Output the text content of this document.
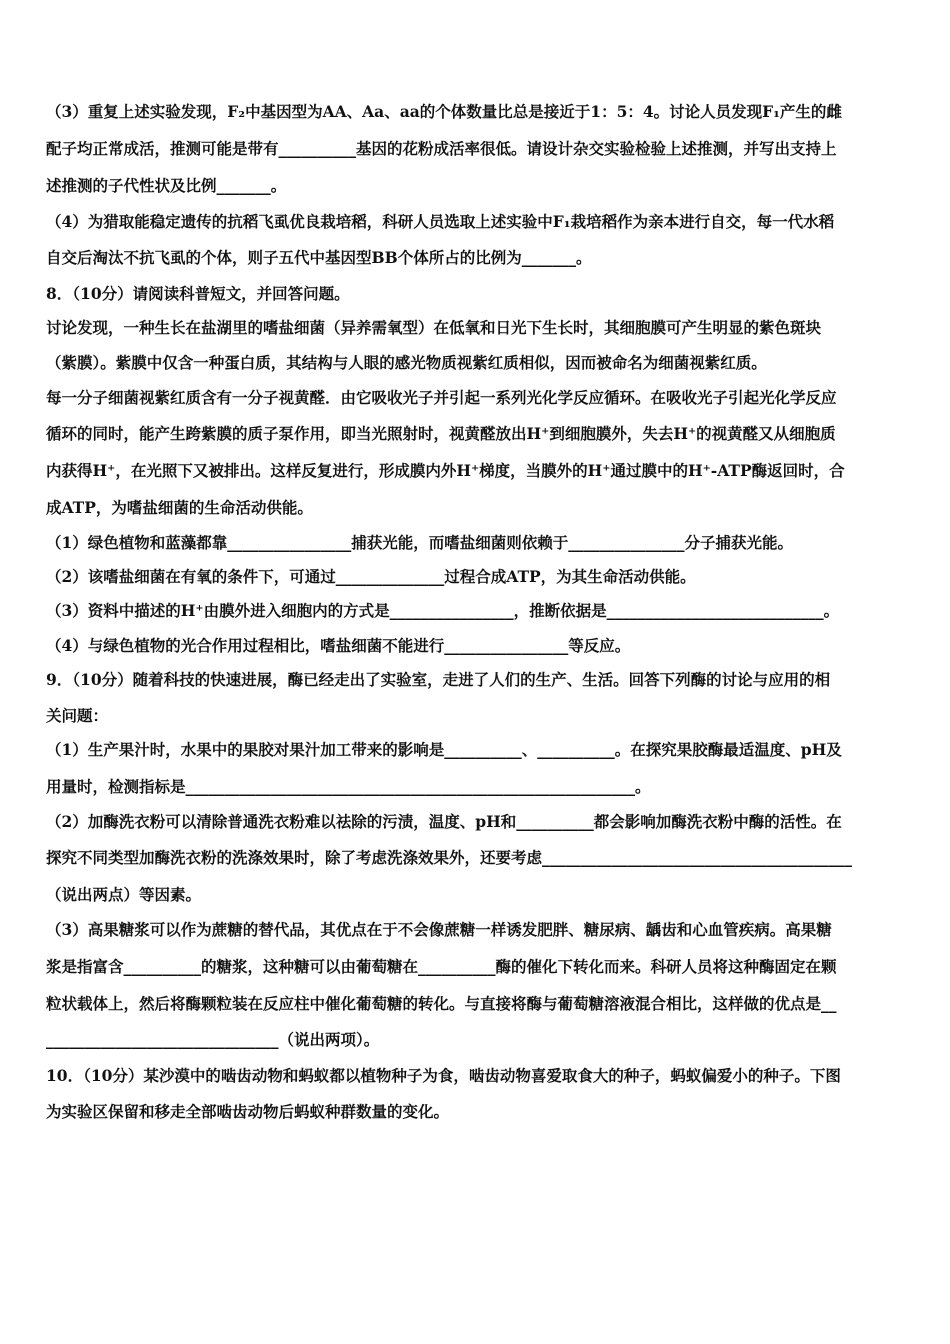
（3）重复上述实验发现，F₂中基因型为AA、Aa、aa的个体数量比总是接近于1：5：4。讨论人员发现F₁产生的雌
配子均正常成活，推测可能是带有__________基因的花粉成活率很低。请设计杂交实验检验上述推测，并写出支持上
述推测的子代性状及比例_______。
（4）为猎取能稳定遗传的抗稻飞虱优良栽培稻，科研人员选取上述实验中F₁栽培稻作为亲本进行自交，每一代水稻
自交后淘汰不抗飞虱的个体，则子五代中基因型BB个体所占的比例为_______。
8．（10分）请阅读科普短文，并回答问题。
讨论发现，一种生长在盐湖里的嗜盐细菌（异养需氧型）在低氧和日光下生长时，其细胞膜可产生明显的紫色斑块
（紫膜）。紫膜中仅含一种蛋白质，其结构与人眼的感光物质视紫红质相似，因而被命名为细菌视紫红质。
每一分子细菌视紫红质含有一分子视黄醛．由它吸收光子并引起一系列光化学反应循环。在吸收光子引起光化学反应
循环的同时，能产生跨紫膜的质子泵作用，即当光照射时，视黄醛放出H⁺到细胞膜外，失去H⁺的视黄醛又从细胞质
内获得H⁺，在光照下又被排出。这样反复进行，形成膜内外H⁺梯度，当膜外的H⁺通过膜中的H⁺-ATP酶返回时，合
成ATP，为嗜盐细菌的生命活动供能。
（1）绿色植物和蓝藻都靠________________捕获光能，而嗜盐细菌则依赖于_______________分子捕获光能。
（2）该嗜盐细菌在有氧的条件下，可通过______________过程合成ATP，为其生命活动供能。
（3）资料中描述的H⁺由膜外进入细胞内的方式是________________，推断依据是____________________________。
（4）与绿色植物的光合作用过程相比，嗜盐细菌不能进行________________等反应。
9．（10分）随着科技的快速进展，酶已经走出了实验室，走进了人们的生产、生活。回答下列酶的讨论与应用的相
关问题：
（1）生产果汁时，水果中的果胶对果汁加工带来的影响是__________、__________。在探究果胶酶最适温度、pH及
用量时，检测指标是__________________________________________________________。
（2）加酶洗衣粉可以清除普通洗衣粉难以祛除的污渍，温度、pH和__________都会影响加酶洗衣粉中酶的活性。在
探究不同类型加酶洗衣粉的洗涤效果时，除了考虑洗涤效果外，还要考虑________________________________________
（说出两点）等因素。
（3）高果糖浆可以作为蔗糖的替代品，其优点在于不会像蔗糖一样诱发肥胖、糖尿病、龋齿和心血管疾病。高果糖
浆是指富含__________的糖浆，这种糖可以由葡萄糖在__________酶的催化下转化而来。科研人员将这种酶固定在颗
粒状载体上，然后将酶颗粒装在反应柱中催化葡萄糖的转化。与直接将酶与葡萄糖溶液混合相比，这样做的优点是__
______________________________（说出两项）。
10．（10分）某沙漠中的啮齿动物和蚂蚁都以植物种子为食，啮齿动物喜爱取食大的种子，蚂蚁偏爱小的种子。下图
为实验区保留和移走全部啮齿动物后蚂蚁种群数量的变化。
